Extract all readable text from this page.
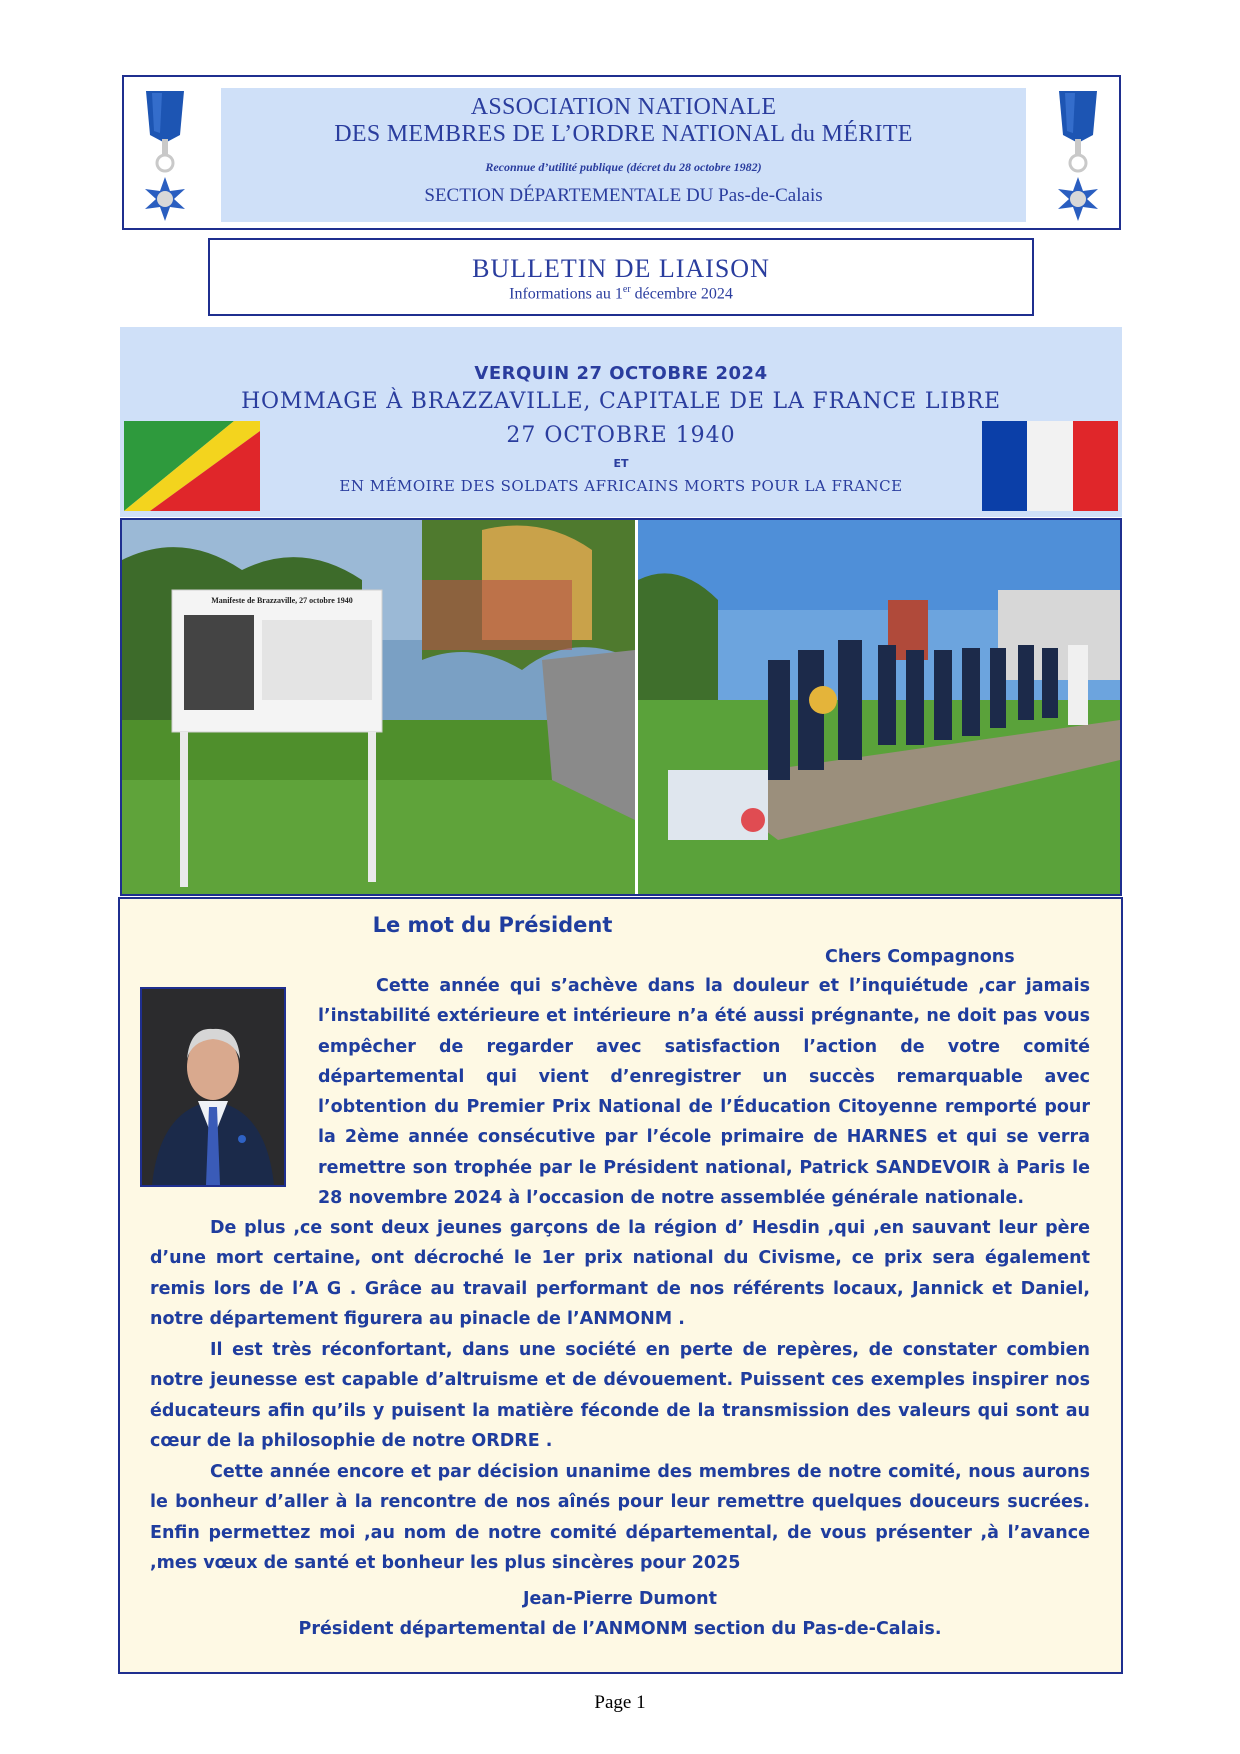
ASSOCIATION NATIONALE
DES MEMBRES DE L’ORDRE NATIONAL du MÉRITE
Reconnue d’utilité publique (décret du 28 octobre 1982)
SECTION DÉPARTEMENTALE DU Pas-de-Calais
BULLETIN DE LIAISON
Informations au 1er décembre 2024
VERQUIN 27 OCTOBRE 2024
HOMMAGE À BRAZZAVILLE, CAPITALE DE LA FRANCE LIBRE
27 OCTOBRE 1940
ET
EN MÉMOIRE DES SOLDATS AFRICAINS MORTS POUR LA FRANCE
Manifeste de Brazzaville, 27 octobre 1940
Le mot du Président
Chers Compagnons

Cette année qui s’achève dans la douleur et l’inquiétude ,car jamais l’instabilité extérieure et intérieure n’a été aussi prégnante, ne doit pas vous empêcher de regarder avec satisfaction l’action de votre comité départemental qui vient d’enregistrer un succès remarquable avec l’obtention du Premier Prix National de l’Éducation Citoyenne remporté pour la 2ème année consécutive par l’école primaire de HARNES et qui se verra remettre son trophée par le Président national, Patrick SANDEVOIR à Paris le 28 novembre 2024 à l’occasion de notre assemblée générale nationale.

De plus ,ce sont deux jeunes garçons de la région d’ Hesdin ,qui ,en sauvant leur père d’une mort certaine, ont décroché le 1er prix national du Civisme, ce prix sera également remis lors de l’A G . Grâce au travail performant de nos référents locaux, Jannick et Daniel, notre département figurera au pinacle de l’ANMONM .

Il est très réconfortant, dans une société en perte de repères, de constater combien notre jeunesse est capable d’altruisme et de dévouement. Puissent ces exemples inspirer nos éducateurs afin qu’ils y puisent la matière féconde de la transmission des valeurs qui sont au cœur de la philosophie de notre ORDRE .

Cette année encore et par décision unanime des membres de notre comité, nous aurons le bonheur d’aller à la rencontre de nos aînés pour leur remettre quelques douceurs sucrées. Enfin permettez moi ,au nom de notre comité départemental, de vous présenter ,à l’avance ,mes vœux de santé et bonheur les plus sincères pour 2025

Jean-Pierre Dumont
Président départemental de l’ANMONM section du Pas-de-Calais.
Page 1
